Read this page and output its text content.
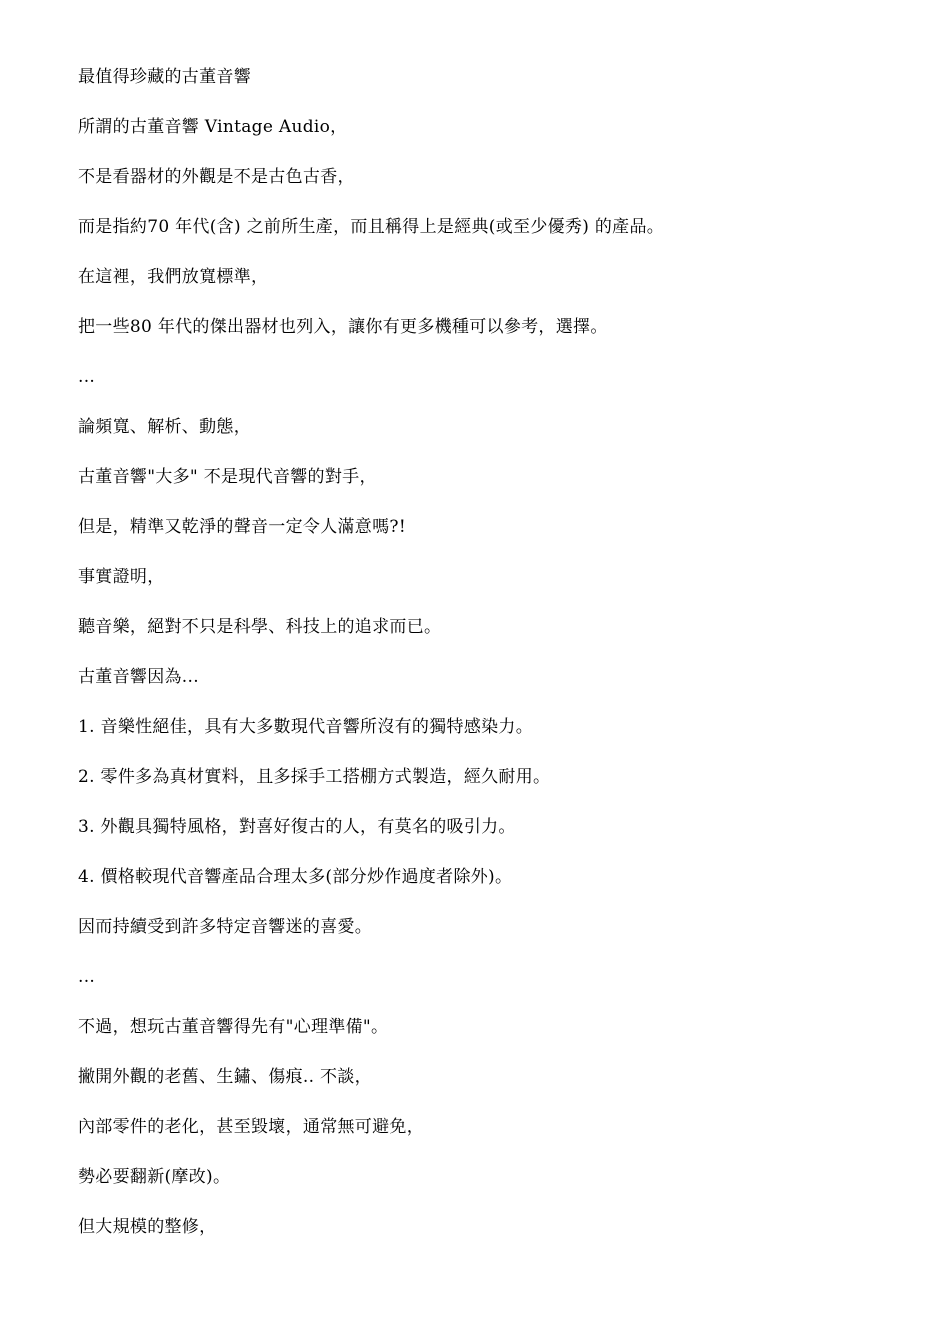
最值得珍藏的古董音響
所謂的古董音響 Vintage Audio，
不是看器材的外觀是不是古色古香，
而是指約70 年代(含) 之前所生產，而且稱得上是經典(或至少優秀) 的產品。
在這裡，我們放寬標準，
把一些80 年代的傑出器材也列入，讓你有更多機種可以參考，選擇。
...
論頻寬、解析、動態，
古董音響"大多" 不是現代音響的對手，
但是，精準又乾淨的聲音一定令人滿意嗎?!
事實證明，
聽音樂，絕對不只是科學、科技上的追求而已。
古董音響因為...
1. 音樂性絕佳，具有大多數現代音響所沒有的獨特感染力。
2. 零件多為真材實料，且多採手工搭棚方式製造，經久耐用。
3. 外觀具獨特風格，對喜好復古的人，有莫名的吸引力。
4. 價格較現代音響產品合理太多(部分炒作過度者除外)。
因而持續受到許多特定音響迷的喜愛。
...
不過，想玩古董音響得先有"心理準備"。
撇開外觀的老舊、生鏽、傷痕.. 不談，
內部零件的老化，甚至毀壞，通常無可避免，
勢必要翻新(摩改)。
但大規模的整修，
